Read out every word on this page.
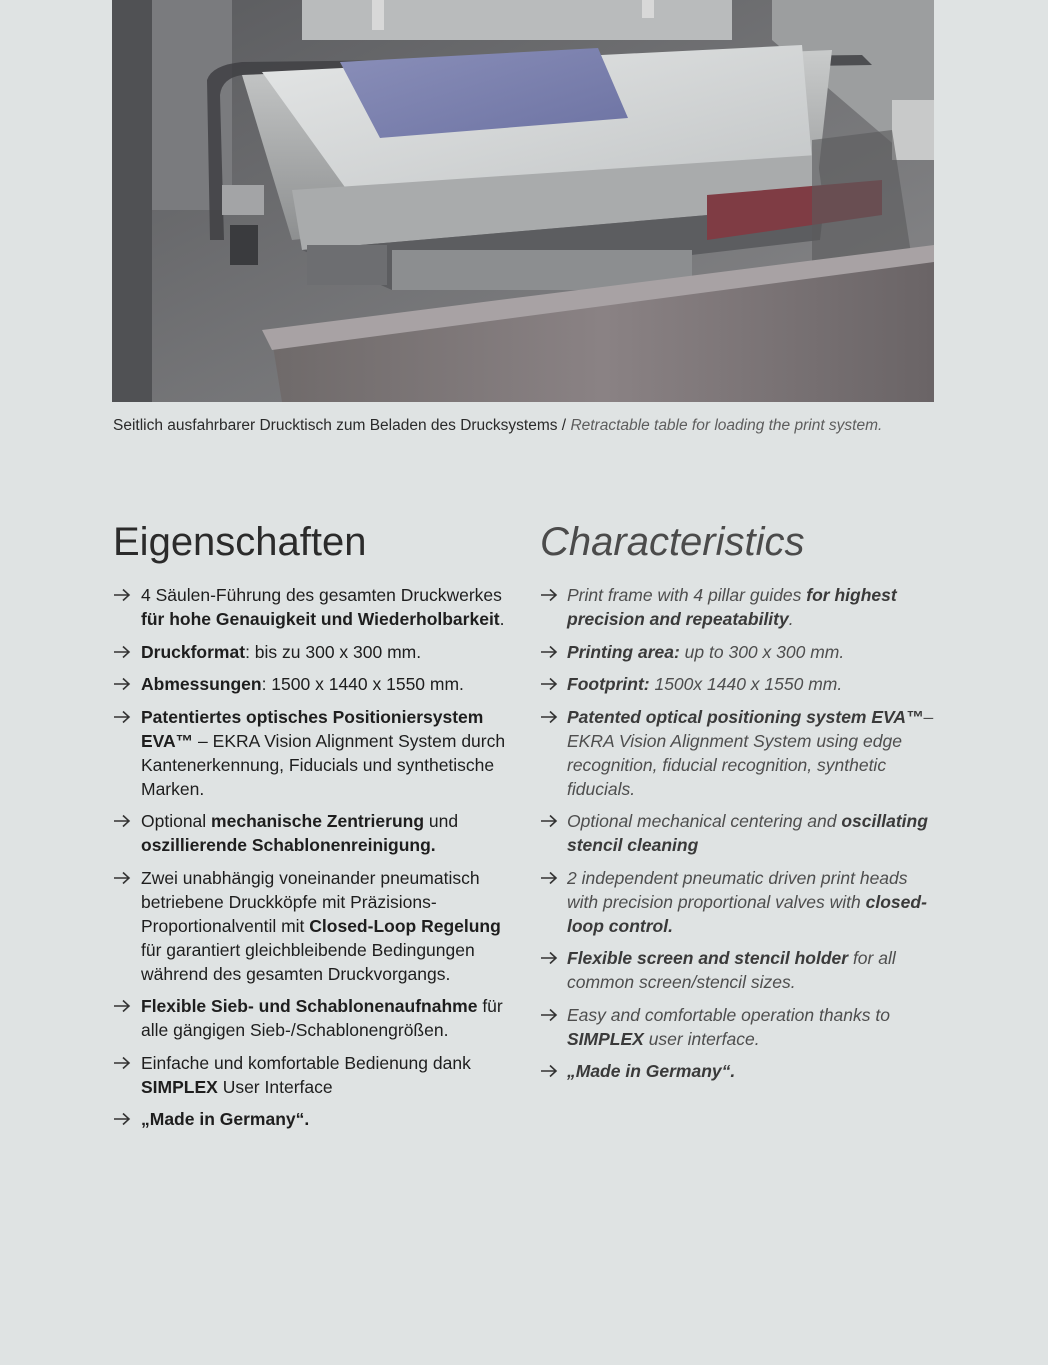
Seitlich ausfahrbarer Drucktisch zum Beladen des Drucksystems / Retractable table for loading the print system.
Eigenschaften
4 Säulen-Führung des gesamten Druckwerkes für hohe Genauigkeit und Wiederholbarkeit.
Druckformat: bis zu 300 x 300 mm.
Abmessungen: 1500 x 1440 x 1550 mm.
Patentiertes optisches Positioniersystem EVA™ – EKRA Vision Alignment System durch Kantenerkennung, Fiducials und synthetische Marken.
Optional mechanische Zentrierung und oszillierende Schablonenreinigung.
Zwei unabhängig voneinander pneumatisch betriebene Druckköpfe mit Präzisions-Proportionalventil mit Closed-Loop Regelung für garantiert gleichbleibende Bedingungen während des gesamten Druckvorgangs.
Flexible Sieb- und Schablonenaufnahme für alle gängigen Sieb-/Schablonengrößen.
Einfache und komfortable Bedienung dank SIMPLEX User Interface
„Made in Germany“.
Characteristics
Print frame with 4 pillar guides for highest precision and repeatability.
Printing area: up to 300 x 300 mm.
Footprint: 1500x 1440 x 1550 mm.
Patented optical positioning system EVA™– EKRA Vision Alignment System using edge recognition, fiducial recognition, synthetic fiducials.
Optional mechanical centering and oscillating stencil cleaning
2 independent pneumatic driven print heads with precision proportional valves with closed-loop control.
Flexible screen and stencil holder for all common screen/stencil sizes.
Easy and comfortable operation thanks to SIMPLEX user interface.
„Made in Germany“.
